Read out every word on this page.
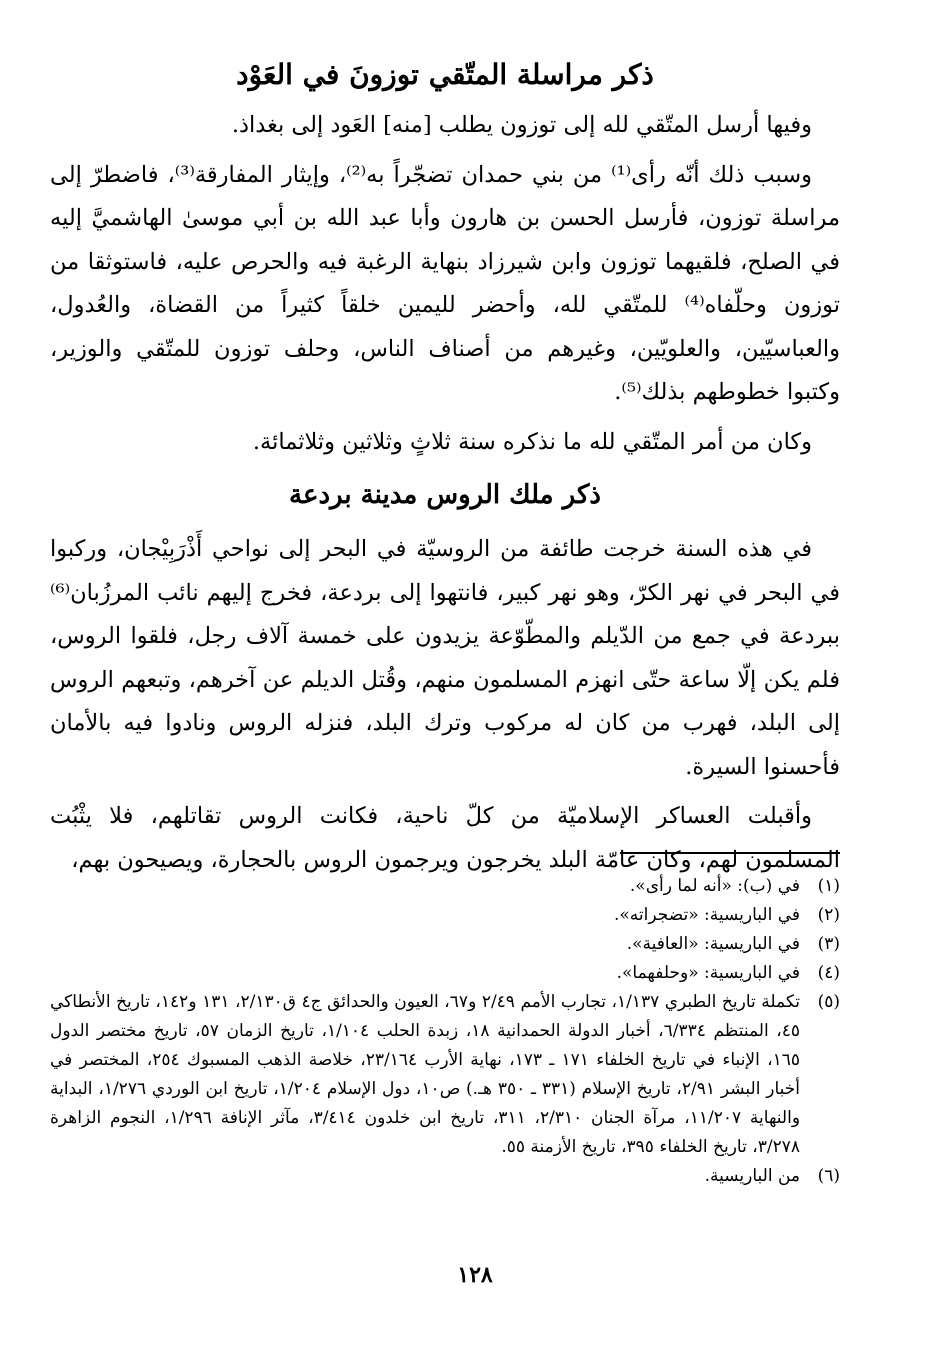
ذكر مراسلة المتّقي توزونَ في العَوْد

وفيها أرسل المتّقي لله إلى توزون يطلب [منه] العَود إلى بغداذ.

وسبب ذلك أنّه رأى⁽¹⁾ من بني حمدان تضجّراً به⁽²⁾، وإيثار المفارقة⁽³⁾، فاضطرّ إلى مراسلة توزون، فأرسل الحسن بن هارون وأبا عبد الله بن أبي موسىٰ الهاشميَّ إليه في الصلح، فلقيهما توزون وابن شيرزاد بنهاية الرغبة فيه والحرص عليه، فاستوثقا من توزون وحلّفاه⁽⁴⁾ للمتّقي لله، وأحضر لليمين خلقاً كثيراً من القضاة، والعُدول، والعباسيّين، والعلويّين، وغيرهم من أصناف الناس، وحلف توزون للمتّقي والوزير، وكتبوا خطوطهم بذلك⁽⁵⁾.

وكان من أمر المتّقي لله ما نذكره سنة ثلاثٍ وثلاثين وثلاثمائة.

ذكر ملك الروس مدينة بردعة

في هذه السنة خرجت طائفة من الروسيّة في البحر إلى نواحي أَذْرَبِيْجان، وركبوا في البحر في نهر الكرّ، وهو نهر كبير، فانتهوا إلى بردعة، فخرج إليهم نائب المرزُبان⁽⁶⁾ ببردعة في جمع من الدّيلم والمطّوّعة يزيدون على خمسة آلاف رجل، فلقوا الروس، فلم يكن إلّا ساعة حتّى انهزم المسلمون منهم، وقُتل الديلم عن آخرهم، وتبعهم الروس إلى البلد، فهرب من كان له مركوب وترك البلد، فنزله الروس ونادوا فيه بالأمان فأحسنوا السيرة.

وأقبلت العساكر الإسلاميّة من كلّ ناحية، فكانت الروس تقاتلهم، فلا يثْبُت المسلمون لهم، وكان عامّة البلد يخرجون ويرجمون الروس بالحجارة، ويصيحون بهم،

(١)
في (ب): «أنه لما رأى».
(٢)
في الباريسية: «تضجراته».
(٣)
في الباريسية: «العافية».
(٤)
في الباريسية: «وحلفهما».
(٥)
تكملة تاريخ الطبري ١/١٣٧، تجارب الأمم ٢/٤٩ و٦٧، العيون والحدائق ج٤ ق٢/١٣٠، ١٣١ و١٤٢، تاريخ الأنطاكي ٤٥، المنتظم ٦/٣٣٤، أخبار الدولة الحمدانية ١٨، زبدة الحلب ١/١٠٤، تاريخ الزمان ٥٧، تاريخ مختصر الدول ١٦٥، الإنباء في تاريخ الخلفاء ١٧١ ـ ١٧٣، نهاية الأرب ٢٣/١٦٤، خلاصة الذهب المسبوك ٢٥٤، المختصر في أخبار البشر ٢/٩١، تاريخ الإسلام (٣٣١ ـ ٣٥٠ هـ.) ص١٠، دول الإسلام ١/٢٠٤، تاريخ ابن الوردي ١/٢٧٦، البداية والنهاية ١١/٢٠٧، مرآة الجنان ٢/٣١٠، ٣١١، تاريخ ابن خلدون ٣/٤١٤، مآثر الإنافة ١/٢٩٦، النجوم الزاهرة ٣/٢٧٨، تاريخ الخلفاء ٣٩٥، تاريخ الأزمنة ٥٥.
(٦)
من الباريسية.
١٢٨
